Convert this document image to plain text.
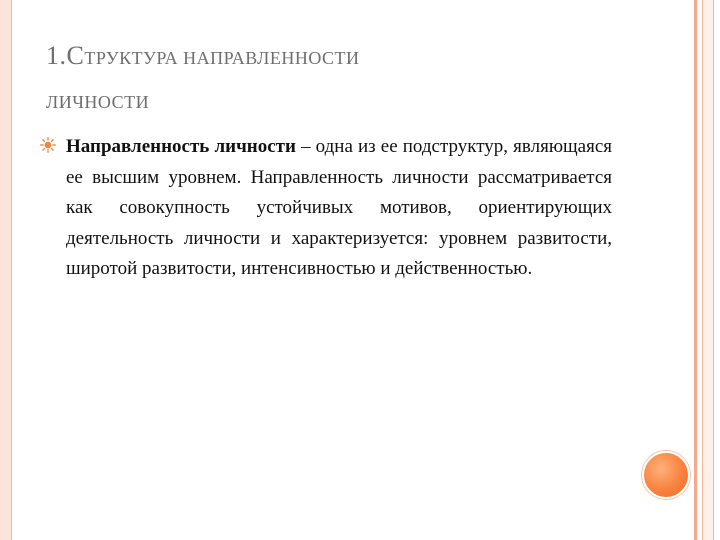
1.СТРУКТУРА НАПРАВЛЕННОСТИ
ЛИЧНОСТИ
Направленность личности – одна из ее подструктур, являющаяся ее высшим уровнем. Направленность личности рассматривается как совокупность устойчивых мотивов, ориентирующих деятельность личности и характеризуется: уровнем развитости, широтой развитости, интенсивностью и действенностью.
